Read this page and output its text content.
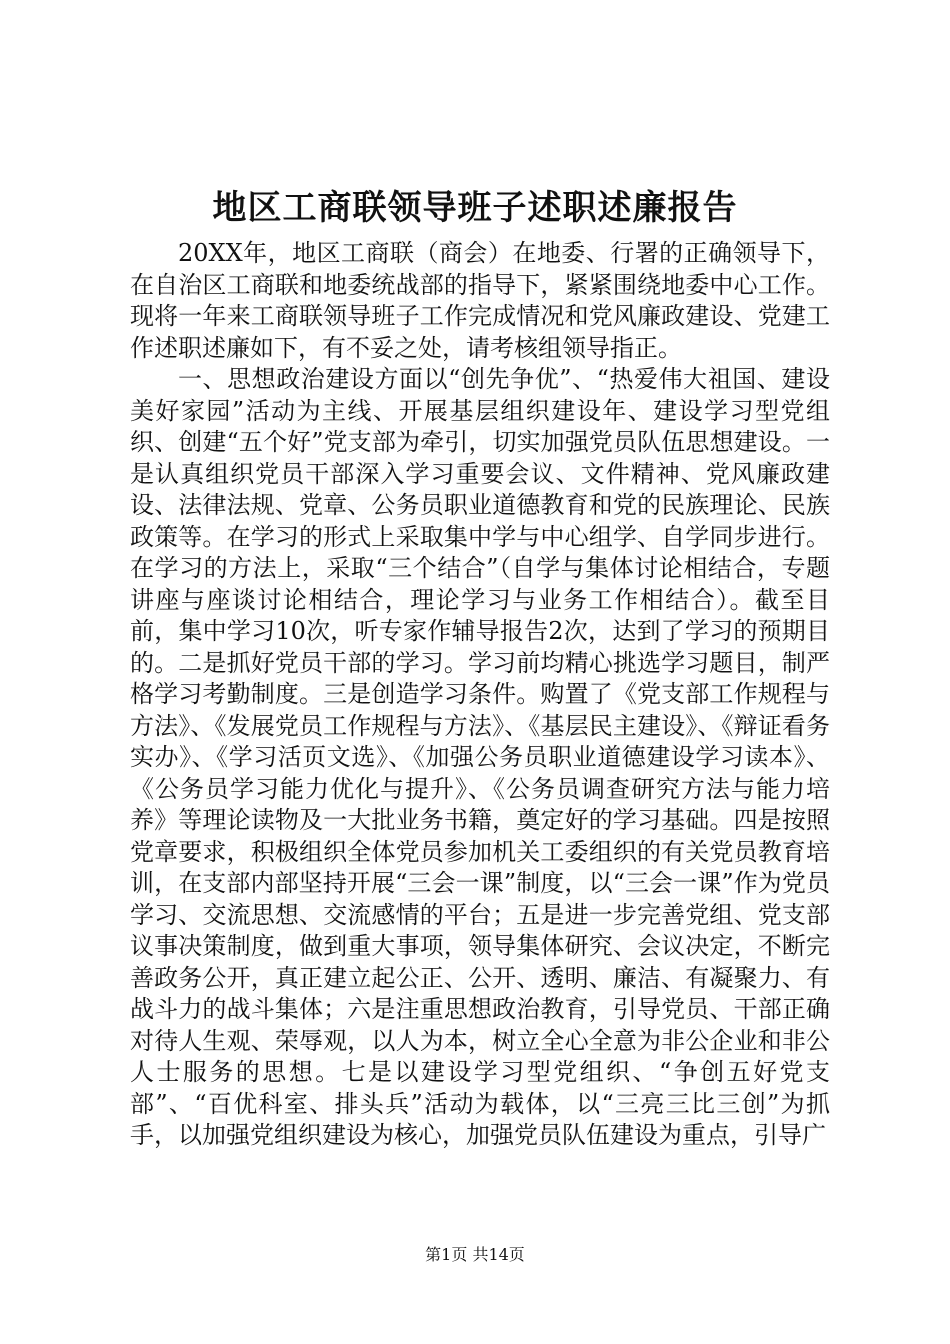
地区工商联领导班子述职述廉报告

20XX年，地区工商联（商会）在地委、行署的正确领导下，在自治区工商联和地委统战部的指导下，紧紧围绕地委中心工作。现将一年来工商联领导班子工作完成情况和党风廉政建设、党建工作述职述廉如下，有不妥之处，请考核组领导指正。

一、思想政治建设方面以“创先争优”、“热爱伟大祖国、建设美好家园”活动为主线、开展基层组织建设年、建设学习型党组织、创建“五个好”党支部为牵引，切实加强党员队伍思想建设。一是认真组织党员干部深入学习重要会议、文件精神、党风廉政建设、法律法规、党章、公务员职业道德教育和党的民族理论、民族政策等。在学习的形式上采取集中学与中心组学、自学同步进行。在学习的方法上，采取“三个结合”（自学与集体讨论相结合，专题讲座与座谈讨论相结合，理论学习与业务工作相结合）。截至目前，集中学习10次，听专家作辅导报告2次，达到了学习的预期目的。二是抓好党员干部的学习。学习前均精心挑选学习题目，制严格学习考勤制度。三是创造学习条件。购置了《党支部工作规程与方法》、《发展党员工作规程与方法》、《基层民主建设》、《辩证看务实办》、《学习活页文选》、《加强公务员职业道德建设学习读本》、《公务员学习能力优化与提升》、《公务员调查研究方法与能力培养》等理论读物及一大批业务书籍，奠定好的学习基础。四是按照党章要求，积极组织全体党员参加机关工委组织的有关党员教育培训，在支部内部坚持开展“三会一课”制度，以“三会一课”作为党员学习、交流思想、交流感情的平台；五是进一步完善党组、党支部议事决策制度，做到重大事项，领导集体研究、会议决定，不断完善政务公开，真正建立起公正、公开、透明、廉洁、有凝聚力、有战斗力的战斗集体；六是注重思想政治教育，引导党员、干部正确对待人生观、荣辱观，以人为本，树立全心全意为非公企业和非公人士服务的思想。七是以建设学习型党组织、“争创五好党支部”、“百优科室、排头兵”活动为载体，以“三亮三比三创”为抓手，以加强党组织建设为核心，加强党员队伍建设为重点，引导广

第1页 共14页
